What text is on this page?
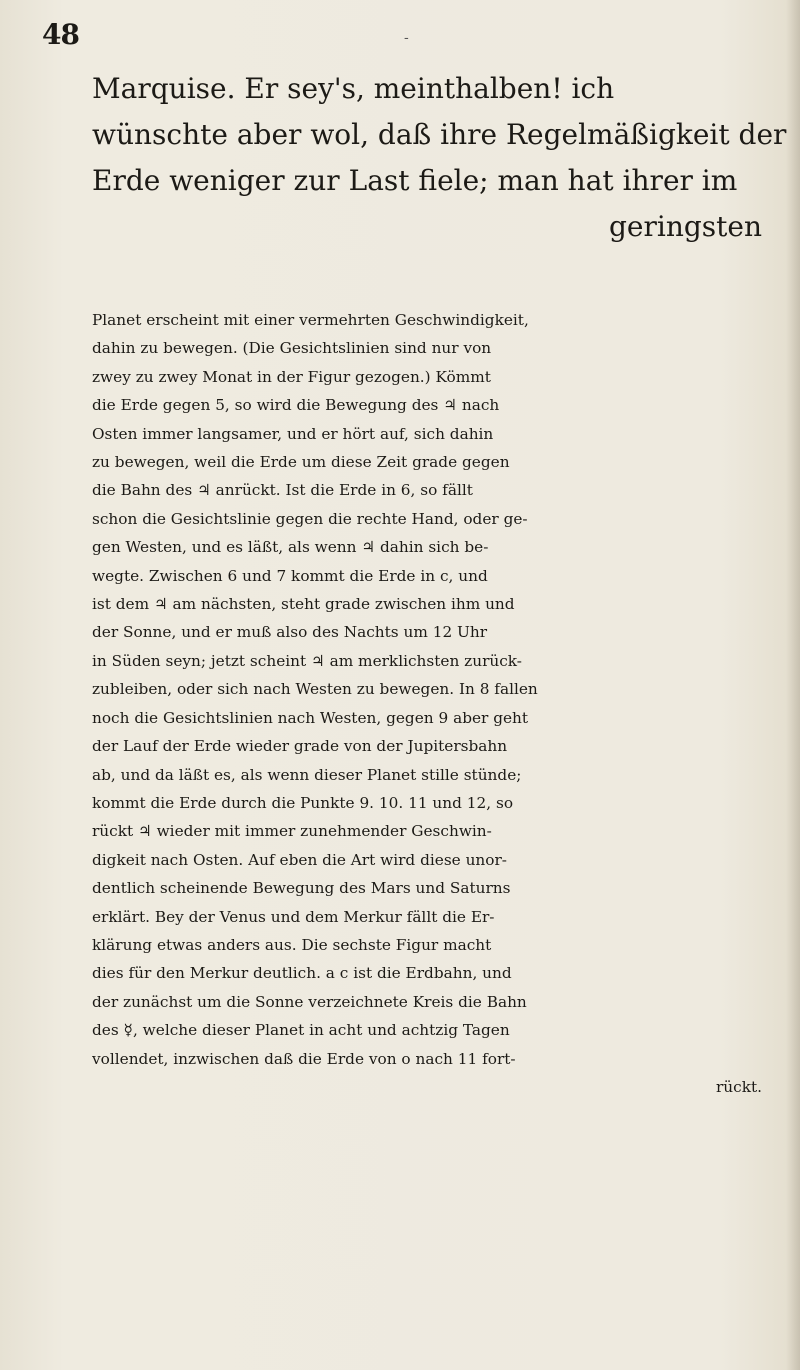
48	-
Marquise. Er sey's, meinthalben! ich
wünschte aber wol, daß ihre Regelmäßigkeit der
Erde weniger zur Last fiele; man hat ihrer im
geringsten
Planet erscheint mit einer vermehrten Geschwindigkeit,
dahin zu bewegen. (Die Gesichtslinien sind nur von
zwey zu zwey Monat in der Figur gezogen.) Kömmt
die Erde gegen 5, so wird die Bewegung des ♃ nach
Osten immer langsamer, und er hört auf, sich dahin
zu bewegen, weil die Erde um diese Zeit grade gegen
die Bahn des ♃ anrückt. Ist die Erde in 6, so fällt
schon die Gesichtslinie gegen die rechte Hand, oder ge-
gen Westen, und es läßt, als wenn ♃ dahin sich be-
wegte. Zwischen 6 und 7 kommt die Erde in c, und
ist dem ♃ am nächsten, steht grade zwischen ihm und
der Sonne, und er muß also des Nachts um 12 Uhr
in Süden seyn; jetzt scheint ♃ am merklichsten zurück-
zubleiben, oder sich nach Westen zu bewegen. In 8 fallen
noch die Gesichtslinien nach Westen, gegen 9 aber geht
der Lauf der Erde wieder grade von der Jupitersbahn
ab, und da läßt es, als wenn dieser Planet stille stünde;
kommt die Erde durch die Punkte 9. 10. 11 und 12, so
rückt ♃ wieder mit immer zunehmender Geschwin-
digkeit nach Osten. Auf eben die Art wird diese unor-
dentlich scheinende Bewegung des Mars und Saturns
erklärt. Bey der Venus und dem Merkur fällt die Er-
klärung etwas anders aus. Die sechste Figur macht
dies für den Merkur deutlich. a c ist die Erdbahn, und
der zunächst um die Sonne verzeichnete Kreis die Bahn
des ☿, welche dieser Planet in acht und achtzig Tagen
vollendet, inzwischen daß die Erde von o nach 11 fort-
rückt.
